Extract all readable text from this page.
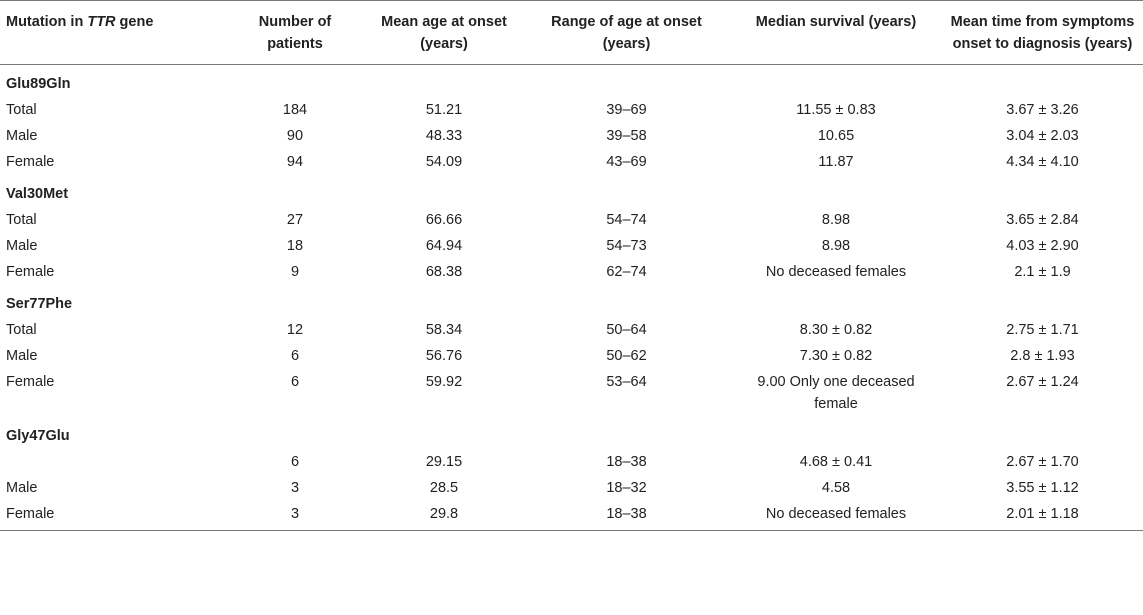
Mutation in TTR gene	Number of patients	Mean age at onset (years)	Range of age at onset (years)	Median survival (years)	Mean time from symptoms onset to diagnosis (years)
Glu89Gln					
Total	184	51.21	39–69	11.55 ± 0.83	3.67 ± 3.26
Male	90	48.33	39–58	10.65	3.04 ± 2.03
Female	94	54.09	43–69	11.87	4.34 ± 4.10
Val30Met					
Total	27	66.66	54–74	8.98	3.65 ± 2.84
Male	18	64.94	54–73	8.98	4.03 ± 2.90
Female	9	68.38	62–74	No deceased females	2.1 ± 1.9
Ser77Phe					
Total	12	58.34	50–64	8.30 ± 0.82	2.75 ± 1.71
Male	6	56.76	50–62	7.30 ± 0.82	2.8 ± 1.93
Female	6	59.92	53–64	9.00 Only one deceased female	2.67 ± 1.24
Gly47Glu					
	6	29.15	18–38	4.68 ± 0.41	2.67 ± 1.70
Male	3	28.5	18–32	4.58	3.55 ± 1.12
Female	3	29.8	18–38	No deceased females	2.01 ± 1.18
